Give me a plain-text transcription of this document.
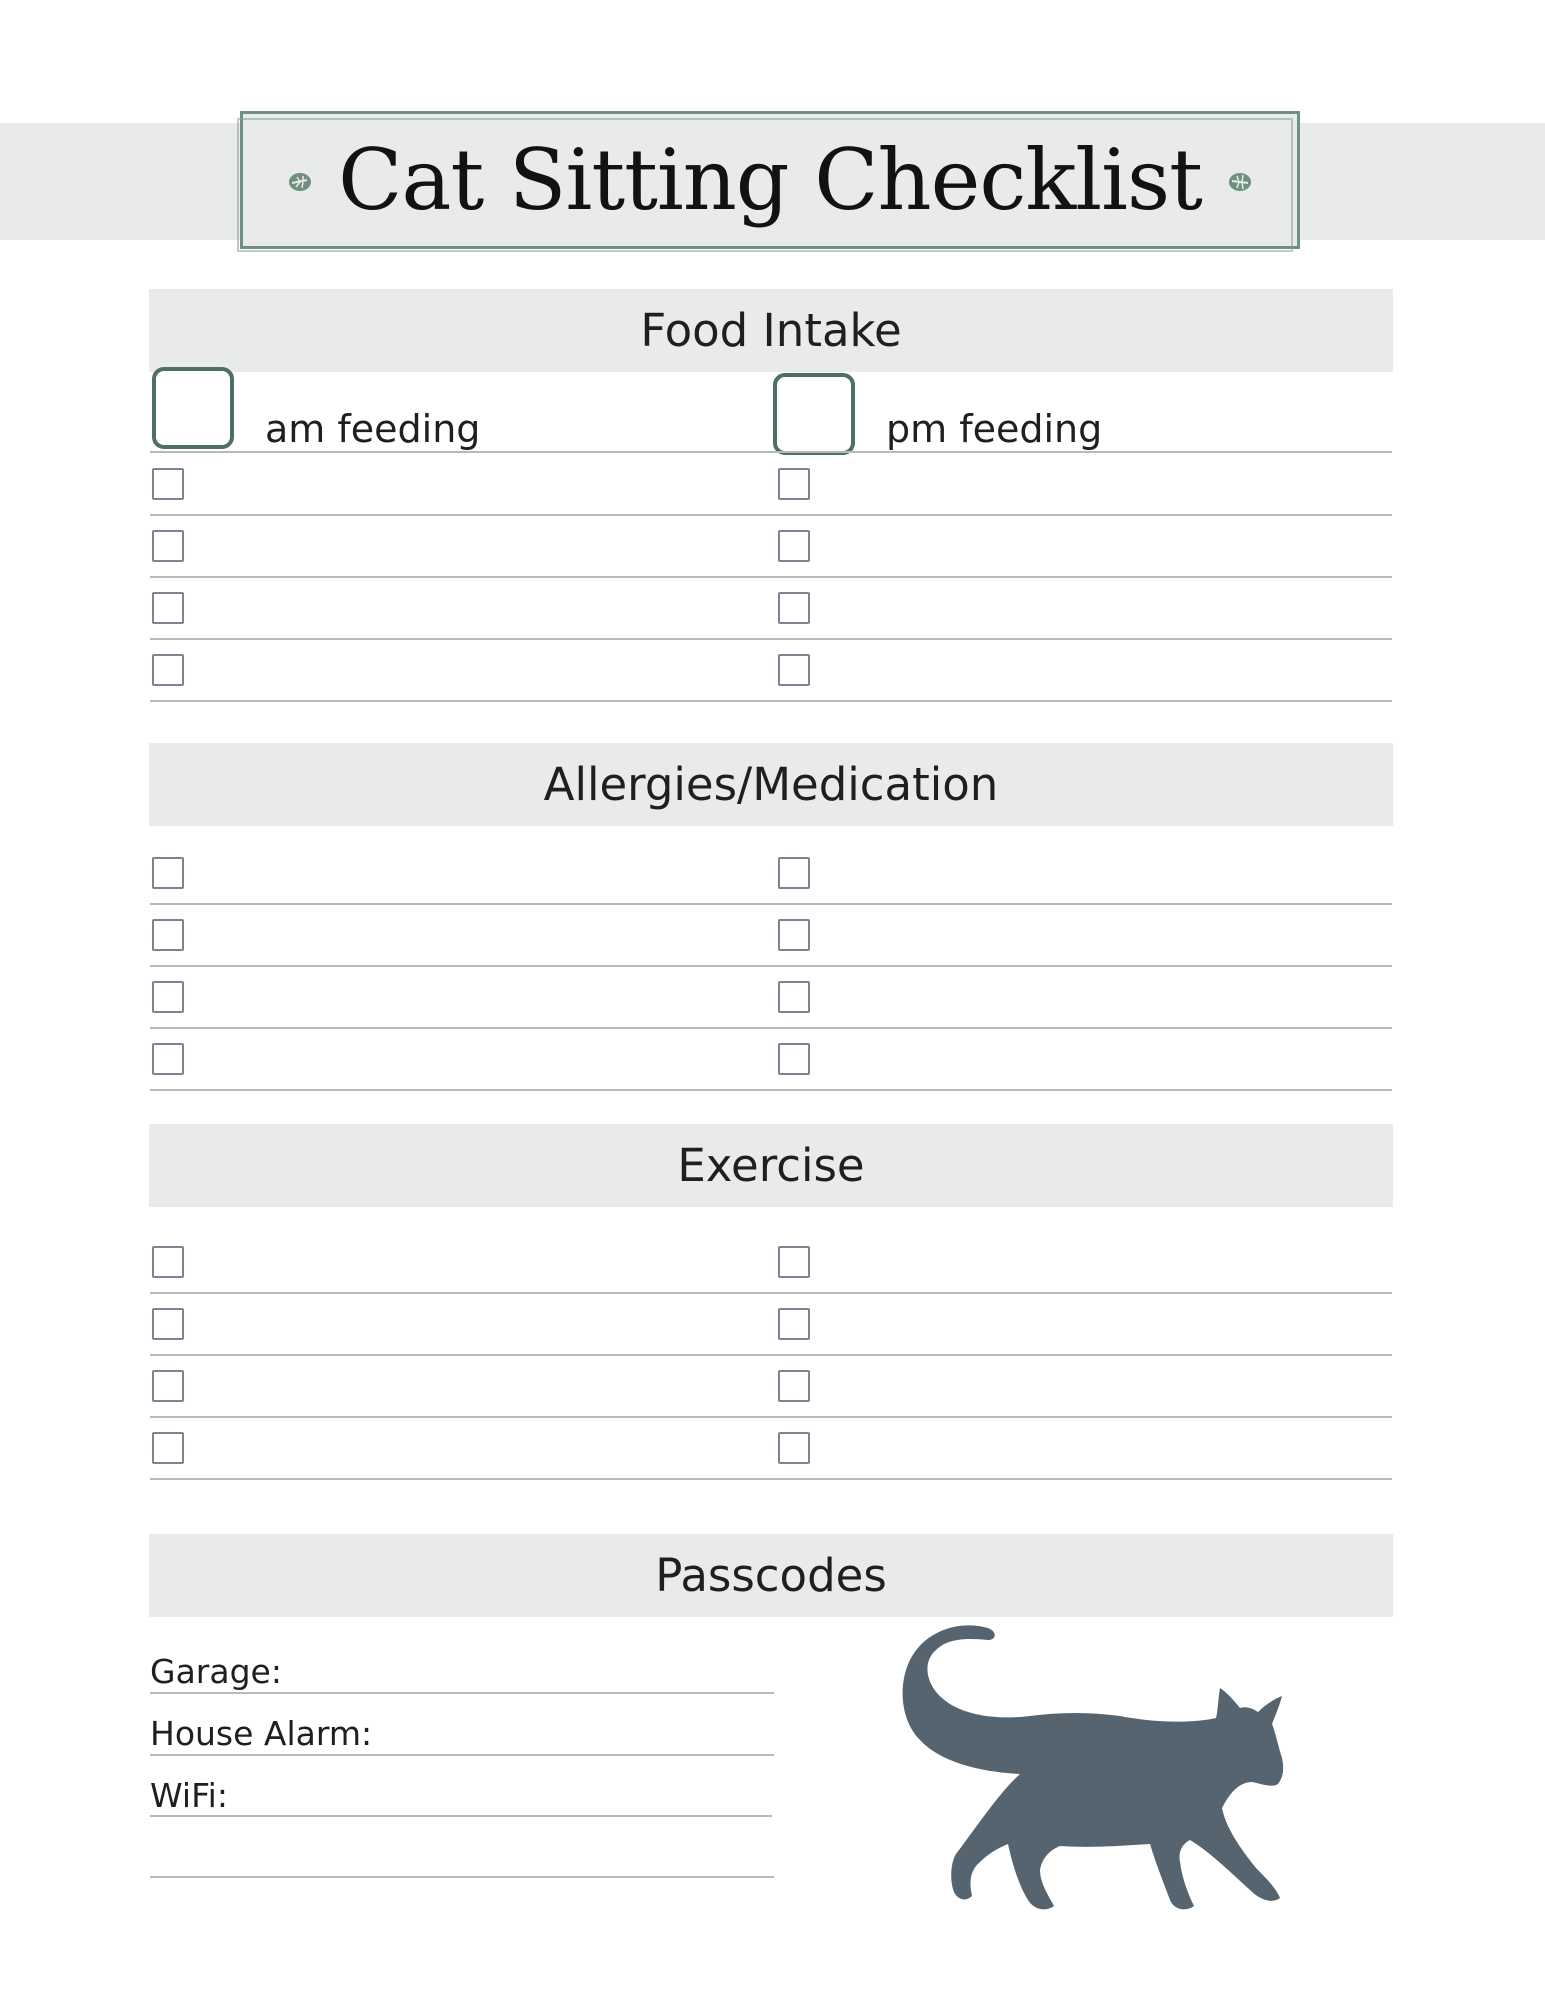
Cat Sitting Checklist
Food Intake
am feeding	pm feeding
Allergies/Medication
Exercise
Passcodes
Garage:
House Alarm:
WiFi:
